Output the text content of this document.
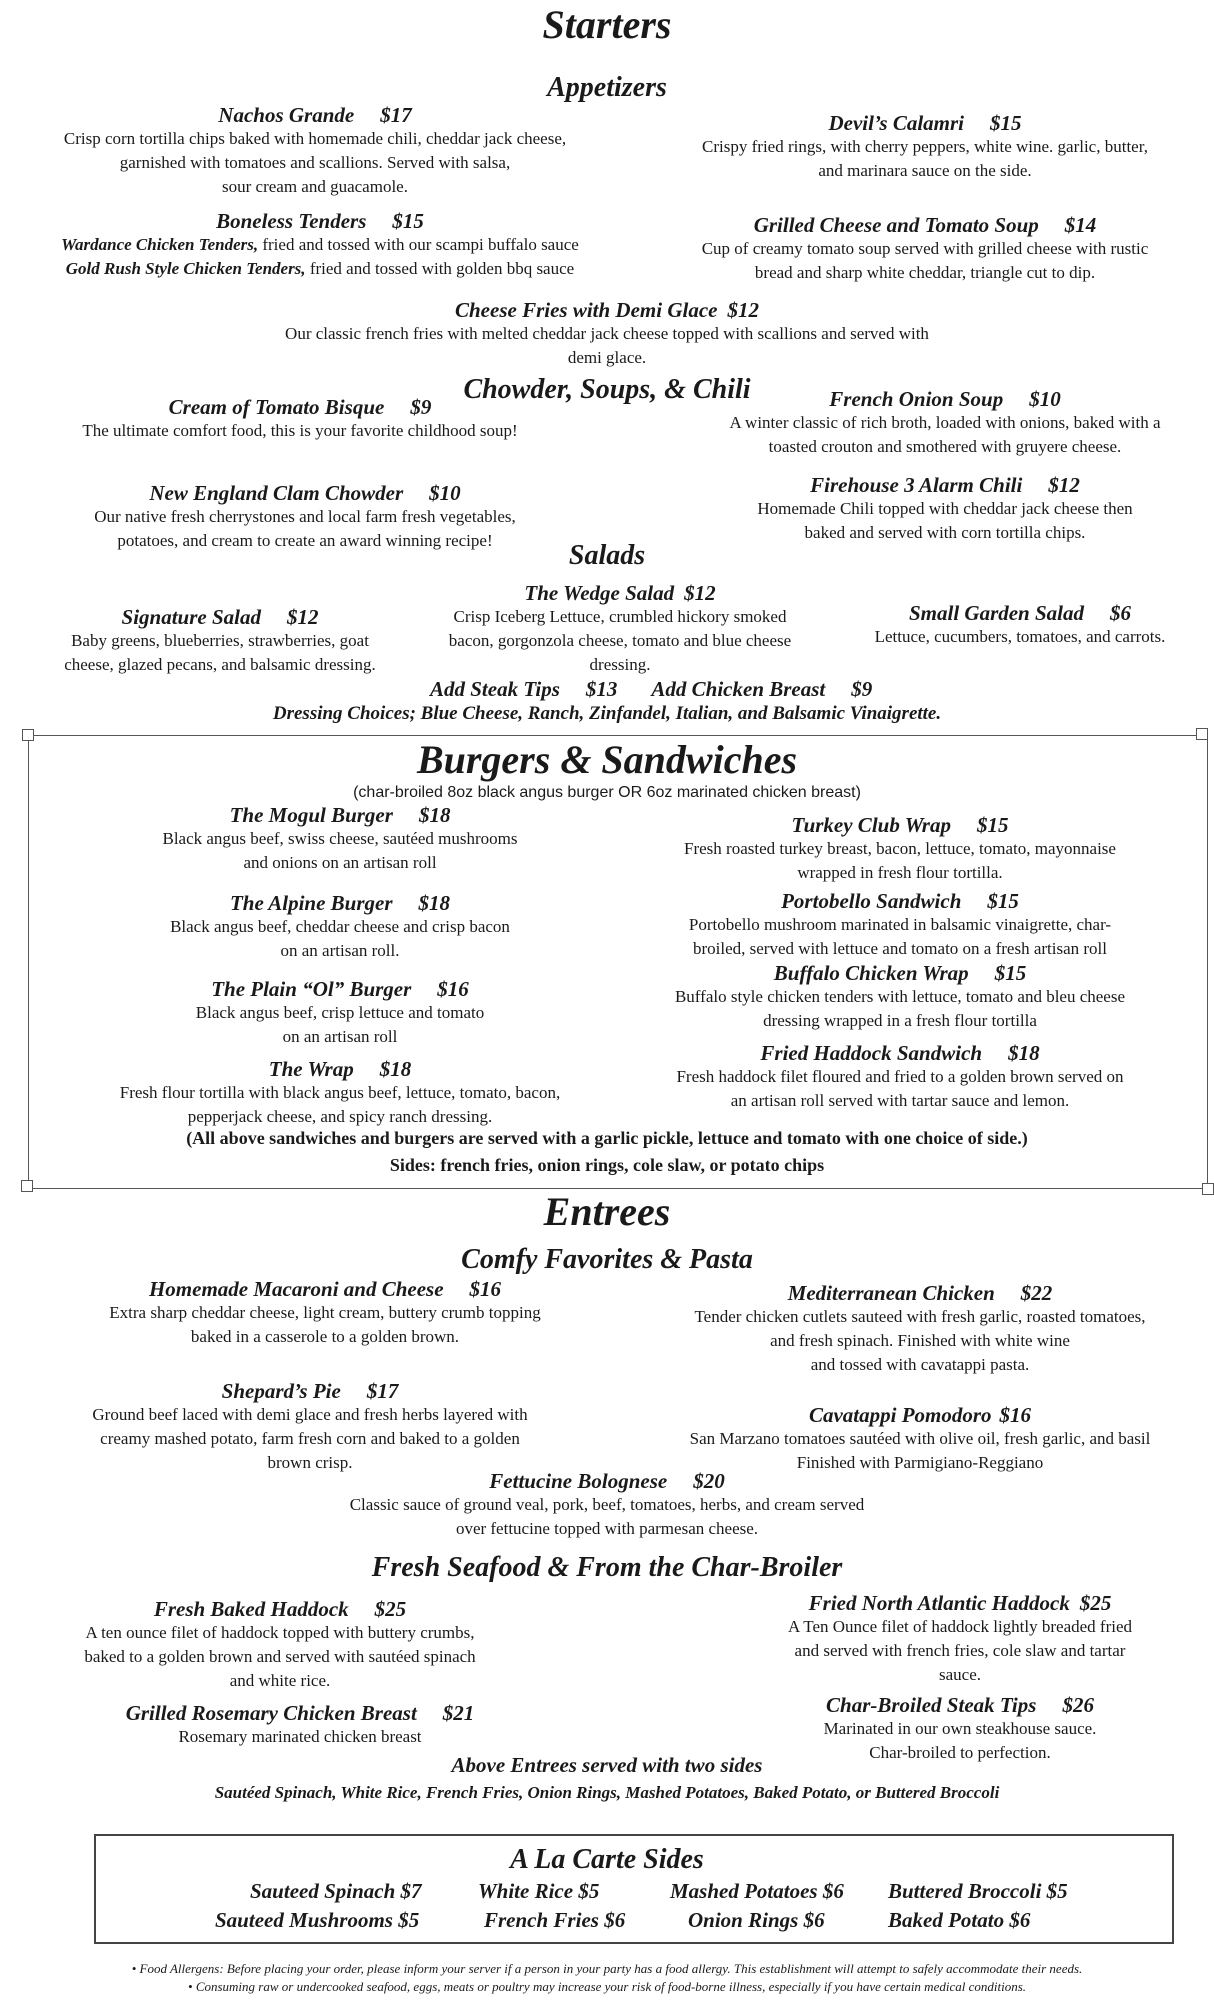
Starters
Appetizers
Nachos Grande $17
Crisp corn tortilla chips baked with homemade chili, cheddar jack cheese,
garnished with tomatoes and scallions. Served with salsa,
sour cream and guacamole.
Devil’s Calamri $15
Crispy fried rings, with cherry peppers, white wine. garlic, butter,
and marinara sauce on the side.
Boneless Tenders $15
Wardance Chicken Tenders, fried and tossed with our scampi buffalo sauce
Gold Rush Style Chicken Tenders, fried and tossed with golden bbq sauce
Grilled Cheese and Tomato Soup $14
Cup of creamy tomato soup served with grilled cheese with rustic
bread and sharp white cheddar, triangle cut to dip.
Cheese Fries with Demi Glace $12
Our classic french fries with melted cheddar jack cheese topped with scallions and served with
demi glace.
Chowder, Soups, & Chili
Cream of Tomato Bisque $9
The ultimate comfort food, this is your favorite childhood soup!
French Onion Soup $10
A winter classic of rich broth, loaded with onions, baked with a
toasted crouton and smothered with gruyere cheese.
New England Clam Chowder $10
Our native fresh cherrystones and local farm fresh vegetables,
potatoes, and cream to create an award winning recipe!
Firehouse 3 Alarm Chili $12
Homemade Chili topped with cheddar jack cheese then
baked and served with corn tortilla chips.
Salads
The Wedge Salad $12
Crisp Iceberg Lettuce, crumbled hickory smoked
bacon, gorgonzola cheese, tomato and blue cheese
dressing.
Signature Salad $12
Baby greens, blueberries, strawberries, goat
cheese, glazed pecans, and balsamic dressing.
Small Garden Salad $6
Lettuce, cucumbers, tomatoes, and carrots.
Add Steak Tips $13 Add Chicken Breast $9
Dressing Choices; Blue Cheese, Ranch, Zinfandel, Italian, and Balsamic Vinaigrette.
Burgers & Sandwiches
(char-broiled 8oz black angus burger OR 6oz marinated chicken breast)
The Mogul Burger $18
Black angus beef, swiss cheese, sautéed mushrooms
and onions on an artisan roll
Turkey Club Wrap $15
Fresh roasted turkey breast, bacon, lettuce, tomato, mayonnaise
wrapped in fresh flour tortilla.
The Alpine Burger $18
Black angus beef, cheddar cheese and crisp bacon
on an artisan roll.
Portobello Sandwich $15
Portobello mushroom marinated in balsamic vinaigrette, char-
broiled, served with lettuce and tomato on a fresh artisan roll
The Plain “Ol” Burger $16
Black angus beef, crisp lettuce and tomato
on an artisan roll
Buffalo Chicken Wrap $15
Buffalo style chicken tenders with lettuce, tomato and bleu cheese
dressing wrapped in a fresh flour tortilla
The Wrap $18
Fresh flour tortilla with black angus beef, lettuce, tomato, bacon,
pepperjack cheese, and spicy ranch dressing.
Fried Haddock Sandwich $18
Fresh haddock filet floured and fried to a golden brown served on
an artisan roll served with tartar sauce and lemon.
(All above sandwiches and burgers are served with a garlic pickle, lettuce and tomato with one choice of side.)
Sides: french fries, onion rings, cole slaw, or potato chips
Entrees
Comfy Favorites & Pasta
Homemade Macaroni and Cheese $16
Extra sharp cheddar cheese, light cream, buttery crumb topping
baked in a casserole to a golden brown.
Mediterranean Chicken $22
Tender chicken cutlets sauteed with fresh garlic, roasted tomatoes,
and fresh spinach. Finished with white wine
and tossed with cavatappi pasta.
Shepard’s Pie $17
Ground beef laced with demi glace and fresh herbs layered with
creamy mashed potato, farm fresh corn and baked to a golden
brown crisp.
Cavatappi Pomodoro $16
San Marzano tomatoes sautéed with olive oil, fresh garlic, and basil
Finished with Parmigiano-Reggiano
Fettucine Bolognese $20
Classic sauce of ground veal, pork, beef, tomatoes, herbs, and cream served
over fettucine topped with parmesan cheese.
Fresh Seafood & From the Char-Broiler
Fresh Baked Haddock $25
A ten ounce filet of haddock topped with buttery crumbs,
baked to a golden brown and served with sautéed spinach
and white rice.
Fried North Atlantic Haddock $25
A Ten Ounce filet of haddock lightly breaded fried
and served with french fries, cole slaw and tartar
sauce.
Grilled Rosemary Chicken Breast $21
Rosemary marinated chicken breast
Char-Broiled Steak Tips $26
Marinated in our own steakhouse sauce.
Char-broiled to perfection.
Above Entrees served with two sides
Sautéed Spinach, White Rice, French Fries, Onion Rings, Mashed Potatoes, Baked Potato, or Buttered Broccoli
A La Carte Sides
Sauteed Spinach $7	White Rice $5	Mashed Potatoes $6 Buttered Broccoli $5
Sauteed Mushrooms $5	French Fries $6	Onion Rings $6	Baked Potato $6
• Food Allergens: Before placing your order, please inform your server if a person in your party has a food allergy. This establishment will attempt to safely accommodate their needs.
• Consuming raw or undercooked seafood, eggs, meats or poultry may increase your risk of food-borne illness, especially if you have certain medical conditions.
